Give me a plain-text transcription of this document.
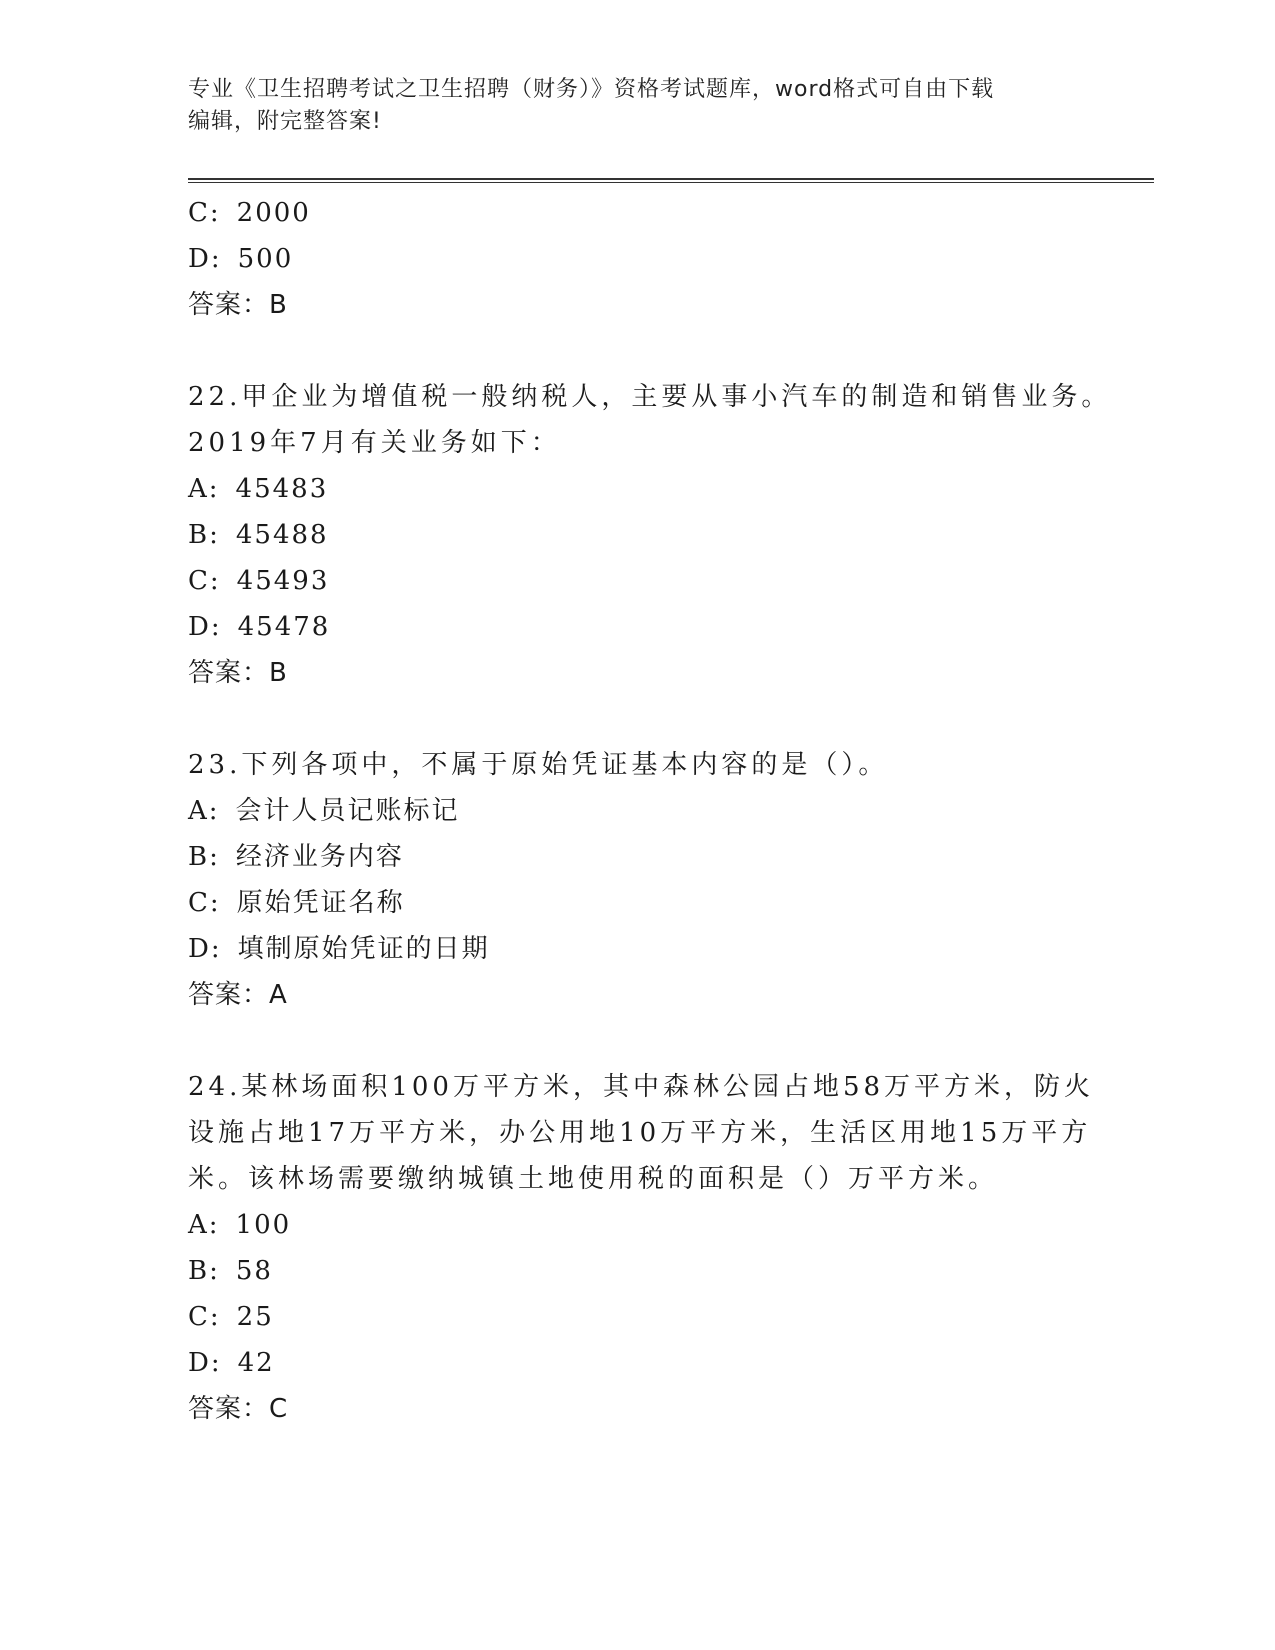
专业《卫生招聘考试之卫生招聘（财务）》资格考试题库，word格式可自由下载
编辑，附完整答案!
C: 2000
D: 500
答案：B
22.甲企业为增值税一般纳税人，主要从事小汽车的制造和销售业务。
2019年7月有关业务如下：
A: 45483
B: 45488
C: 45493
D: 45478
答案：B
23.下列各项中，不属于原始凭证基本内容的是（）。
A: 会计人员记账标记
B: 经济业务内容
C: 原始凭证名称
D: 填制原始凭证的日期
答案：A
24.某林场面积100万平方米，其中森林公园占地58万平方米，防火
设施占地17万平方米，办公用地10万平方米，生活区用地15万平方
米。该林场需要缴纳城镇土地使用税的面积是（）万平方米。
A: 100
B: 58
C: 25
D: 42
答案：C
